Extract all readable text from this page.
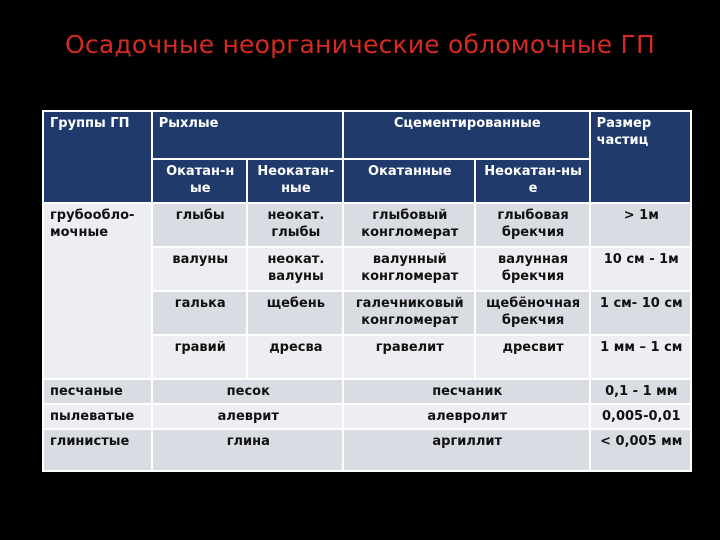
Осадочные неорганические обломочные ГП
Группы ГП	Рыхлые		Сцементированные		Размер частиц
	Окатан-н ые	Неокатан- ные	Окатанные	Неокатан-ны е	
грубообло- мочные	глыбы	неокат. глыбы	глыбовый конгломерат	глыбовая брекчия	> 1м
	валуны	неокат. валуны	валунный конгломерат	валунная брекчия	10 см - 1м
	галька	щебень	галечниковый конгломерат	щебёночная брекчия	1 см- 10 см
	гравий	дресва	гравелит	дресвит	1 мм – 1 см
песчаные	песок		песчаник		0,1 - 1 мм
пылеватые	алеврит		алевролит		0,005-0,01
глинистые	глина		аргиллит		< 0,005 мм
